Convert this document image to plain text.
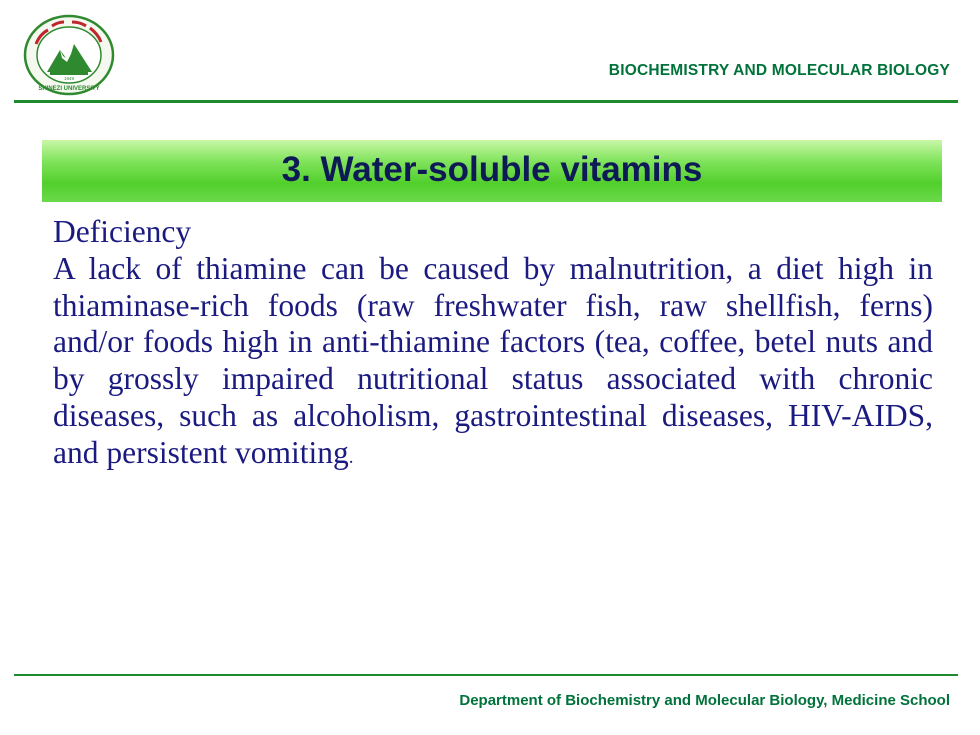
1949
SHINEZI UNIVERSITY
BIOCHEMISTRY AND MOLECULAR BIOLOGY
3. Water-soluble vitamins

Deficiency

A lack of thiamine can be caused by malnutrition, a diet high in thiaminase-rich foods (raw freshwater fish, raw shellfish, ferns) and/or foods high in anti-thiamine factors (tea, coffee, betel nuts and by grossly impaired nutritional status associated with chronic diseases, such as alcoholism, gastrointestinal diseases, HIV-AIDS, and persistent vomiting.

Department of Biochemistry and Molecular Biology, Medicine School
